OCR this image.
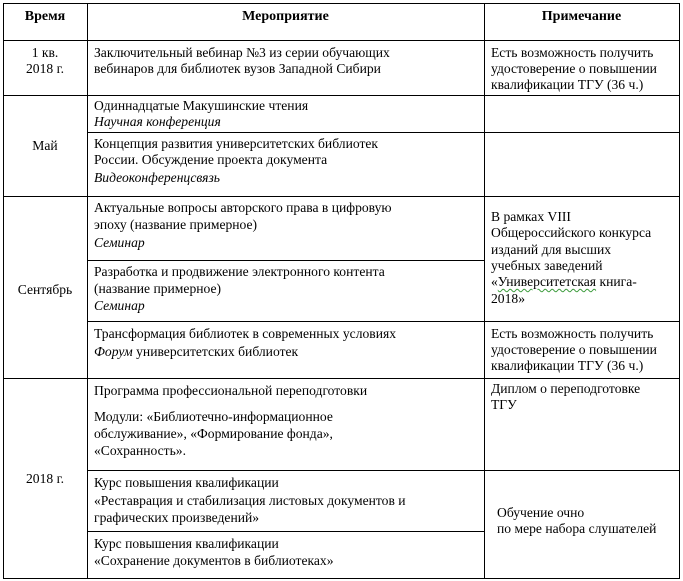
Время	Мероприятие	Примечание
1 кв.
2018 г.
Заключительный вебинар №3 из серии обучающих
вебинаров для библиотек вузов Западной Сибири
Есть возможность получить
удостоверение о повышении
квалификации ТГУ (36 ч.)
Май
Одиннадцатые Макушинские чтения
Научная конференция
Концепция развития университетских библиотек
России. Обсуждение проекта документа
Видеоконференцсвязь
Сентябрь
Актуальные вопросы авторского права в цифровую
эпоху (название примерное)
Семинар
Разработка и продвижение электронного контента
(название примерное)
Семинар
Трансформация библиотек в современных условиях
Форум университетских библиотек
В рамках VIII
Общероссийского конкурса
изданий для высших
учебных заведений
«Университетская книга-
2018»
Есть возможность получить
удостоверение о повышении
квалификации ТГУ (36 ч.)
2018 г.
Программа профессиональной переподготовки
Модули: «Библиотечно-информационное
обслуживание», «Формирование фонда»,
«Сохранность».
Диплом о переподготовке
ТГУ
Курс повышения квалификации
«Реставрация и стабилизация листовых документов и
графических произведений»
Курс повышения квалификации
«Сохранение документов в библиотеках»
Обучение очно
по мере набора слушателей
